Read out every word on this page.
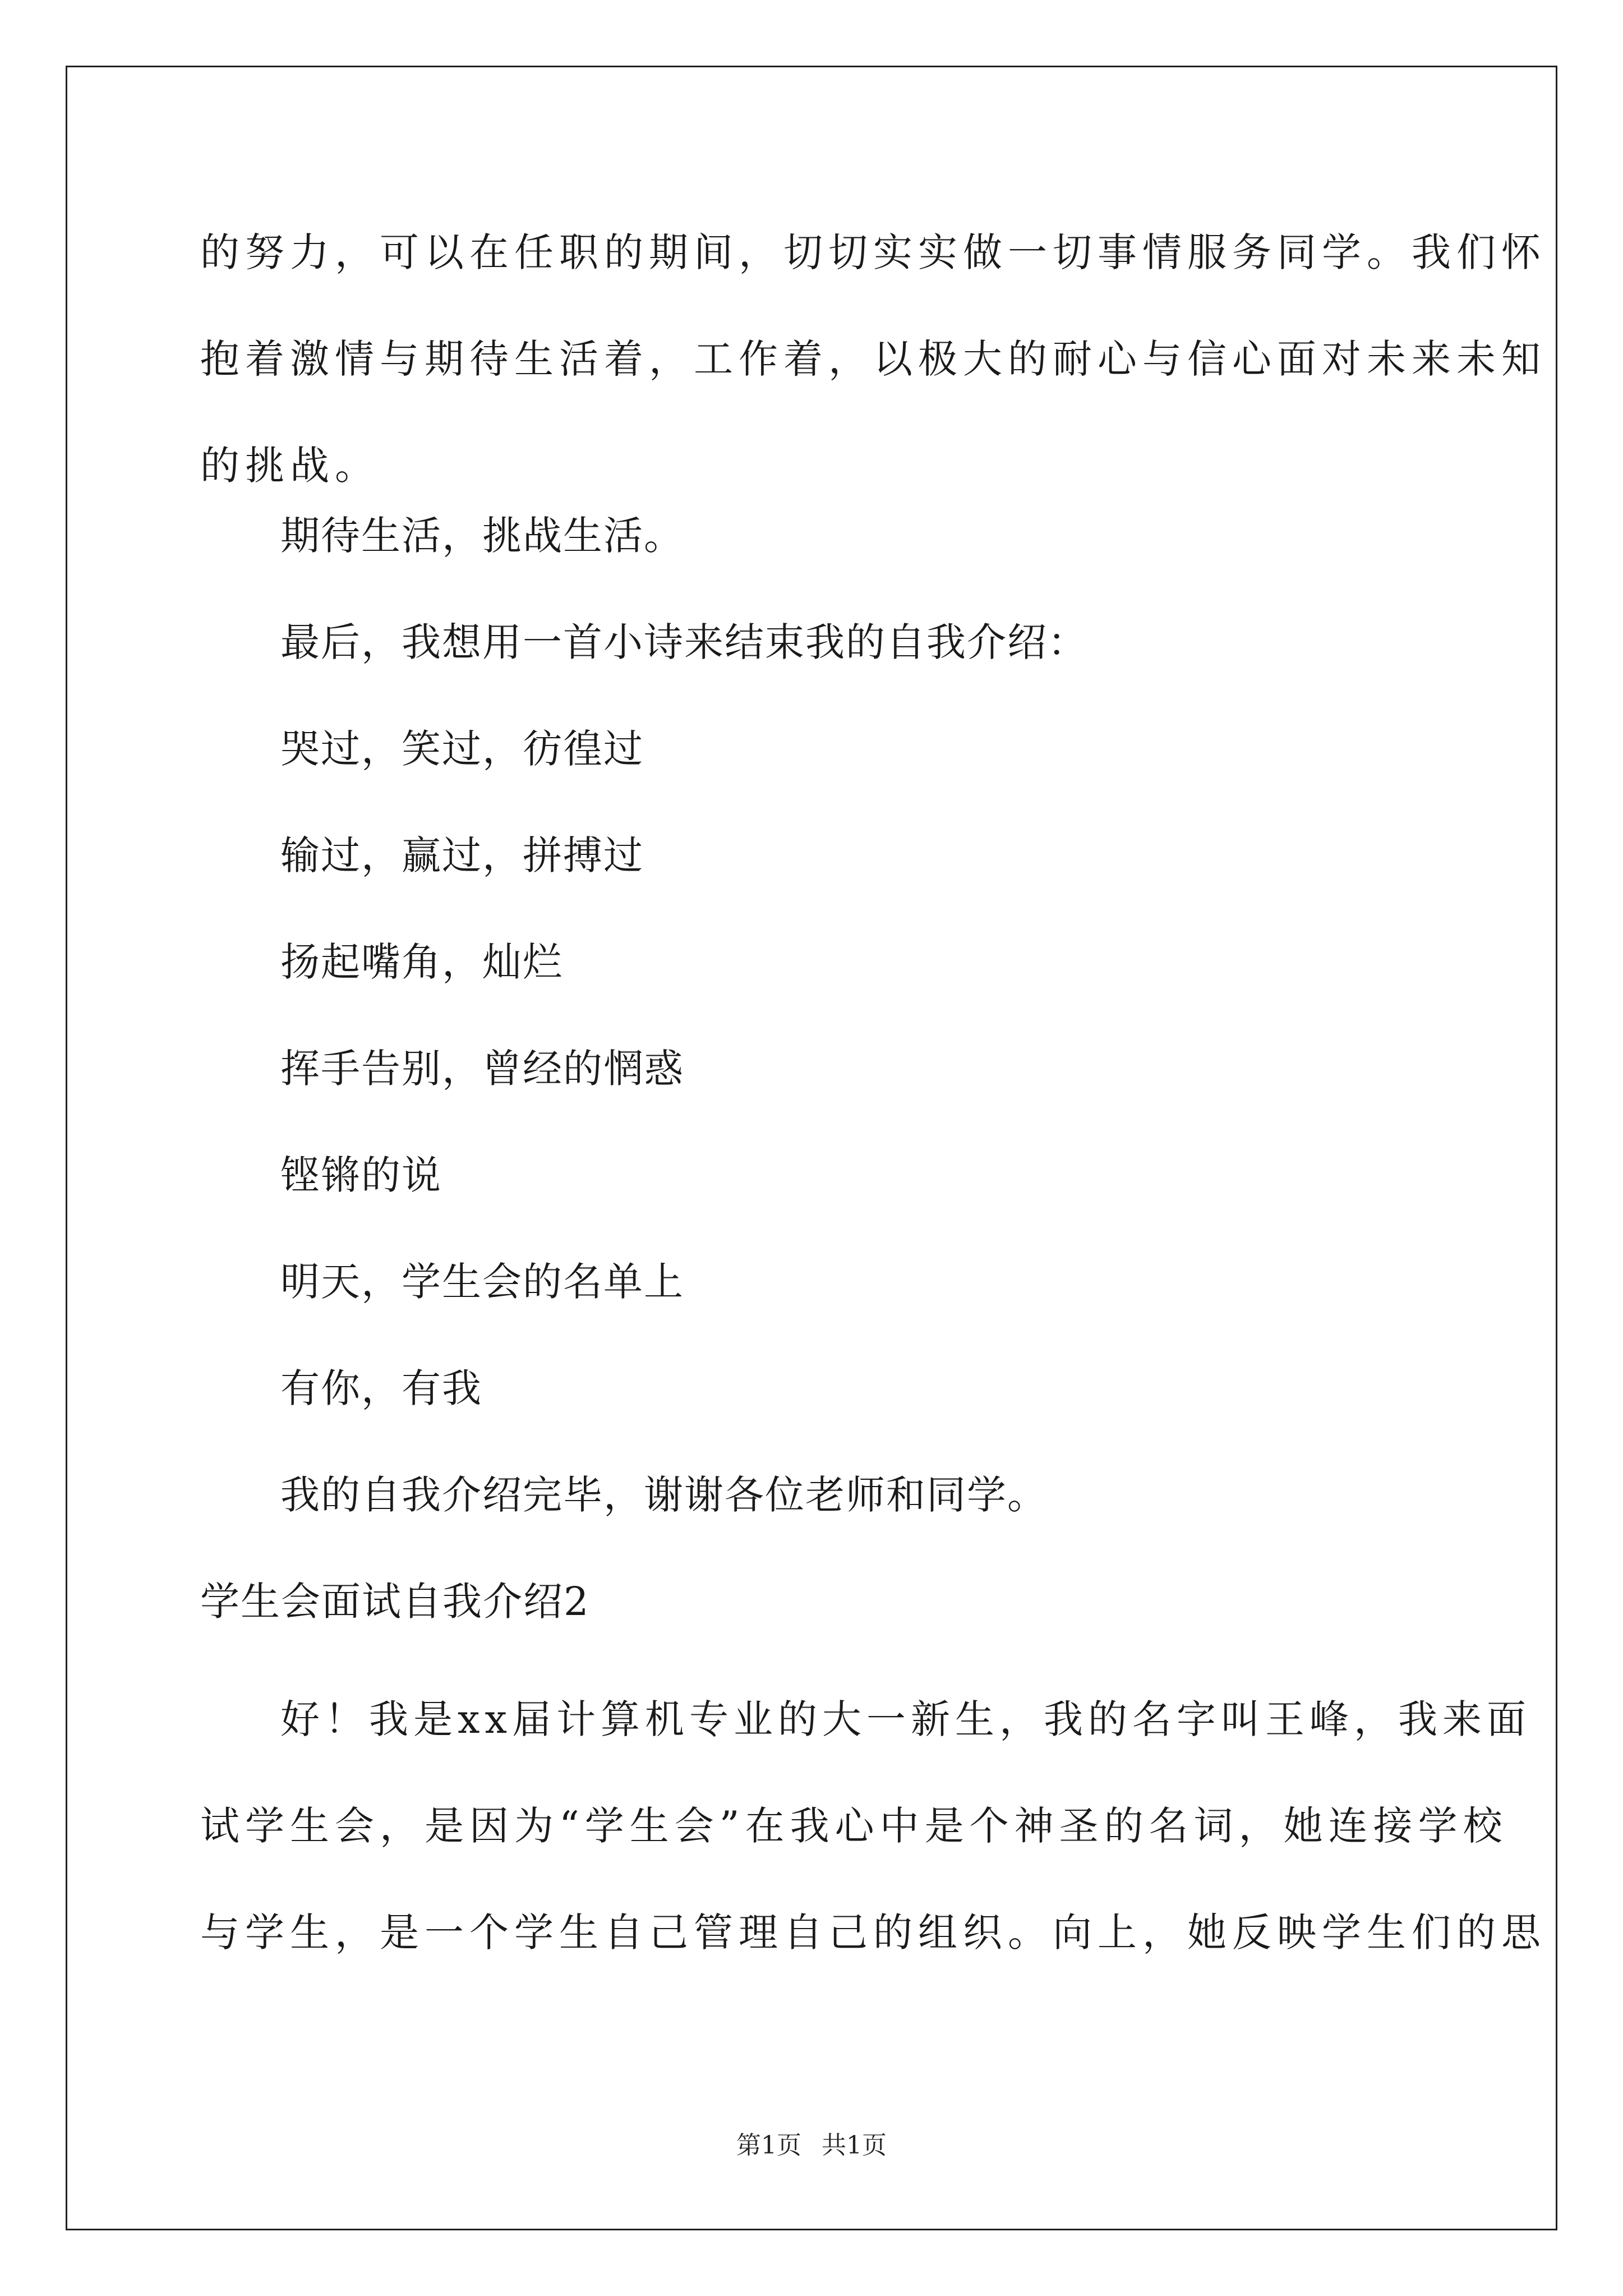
的努力，可以在任职的期间，切切实实做一切事情服务同学。我们怀
抱着激情与期待生活着，工作着，以极大的耐心与信心面对未来未知
的挑战。
期待生活，挑战生活。
最后，我想用一首小诗来结束我的自我介绍：
哭过，笑过，彷徨过
输过，赢过，拼搏过
扬起嘴角，灿烂
挥手告别，曾经的惘惑
铿锵的说
明天，学生会的名单上
有你，有我
我的自我介绍完毕，谢谢各位老师和同学。
学生会面试自我介绍2
好！我是xx届计算机专业的大一新生，我的名字叫王峰，我来面
试学生会，是因为“学生会”在我心中是个神圣的名词，她连接学校
与学生，是一个学生自己管理自己的组织。向上，她反映学生们的思
第1页 共1页
